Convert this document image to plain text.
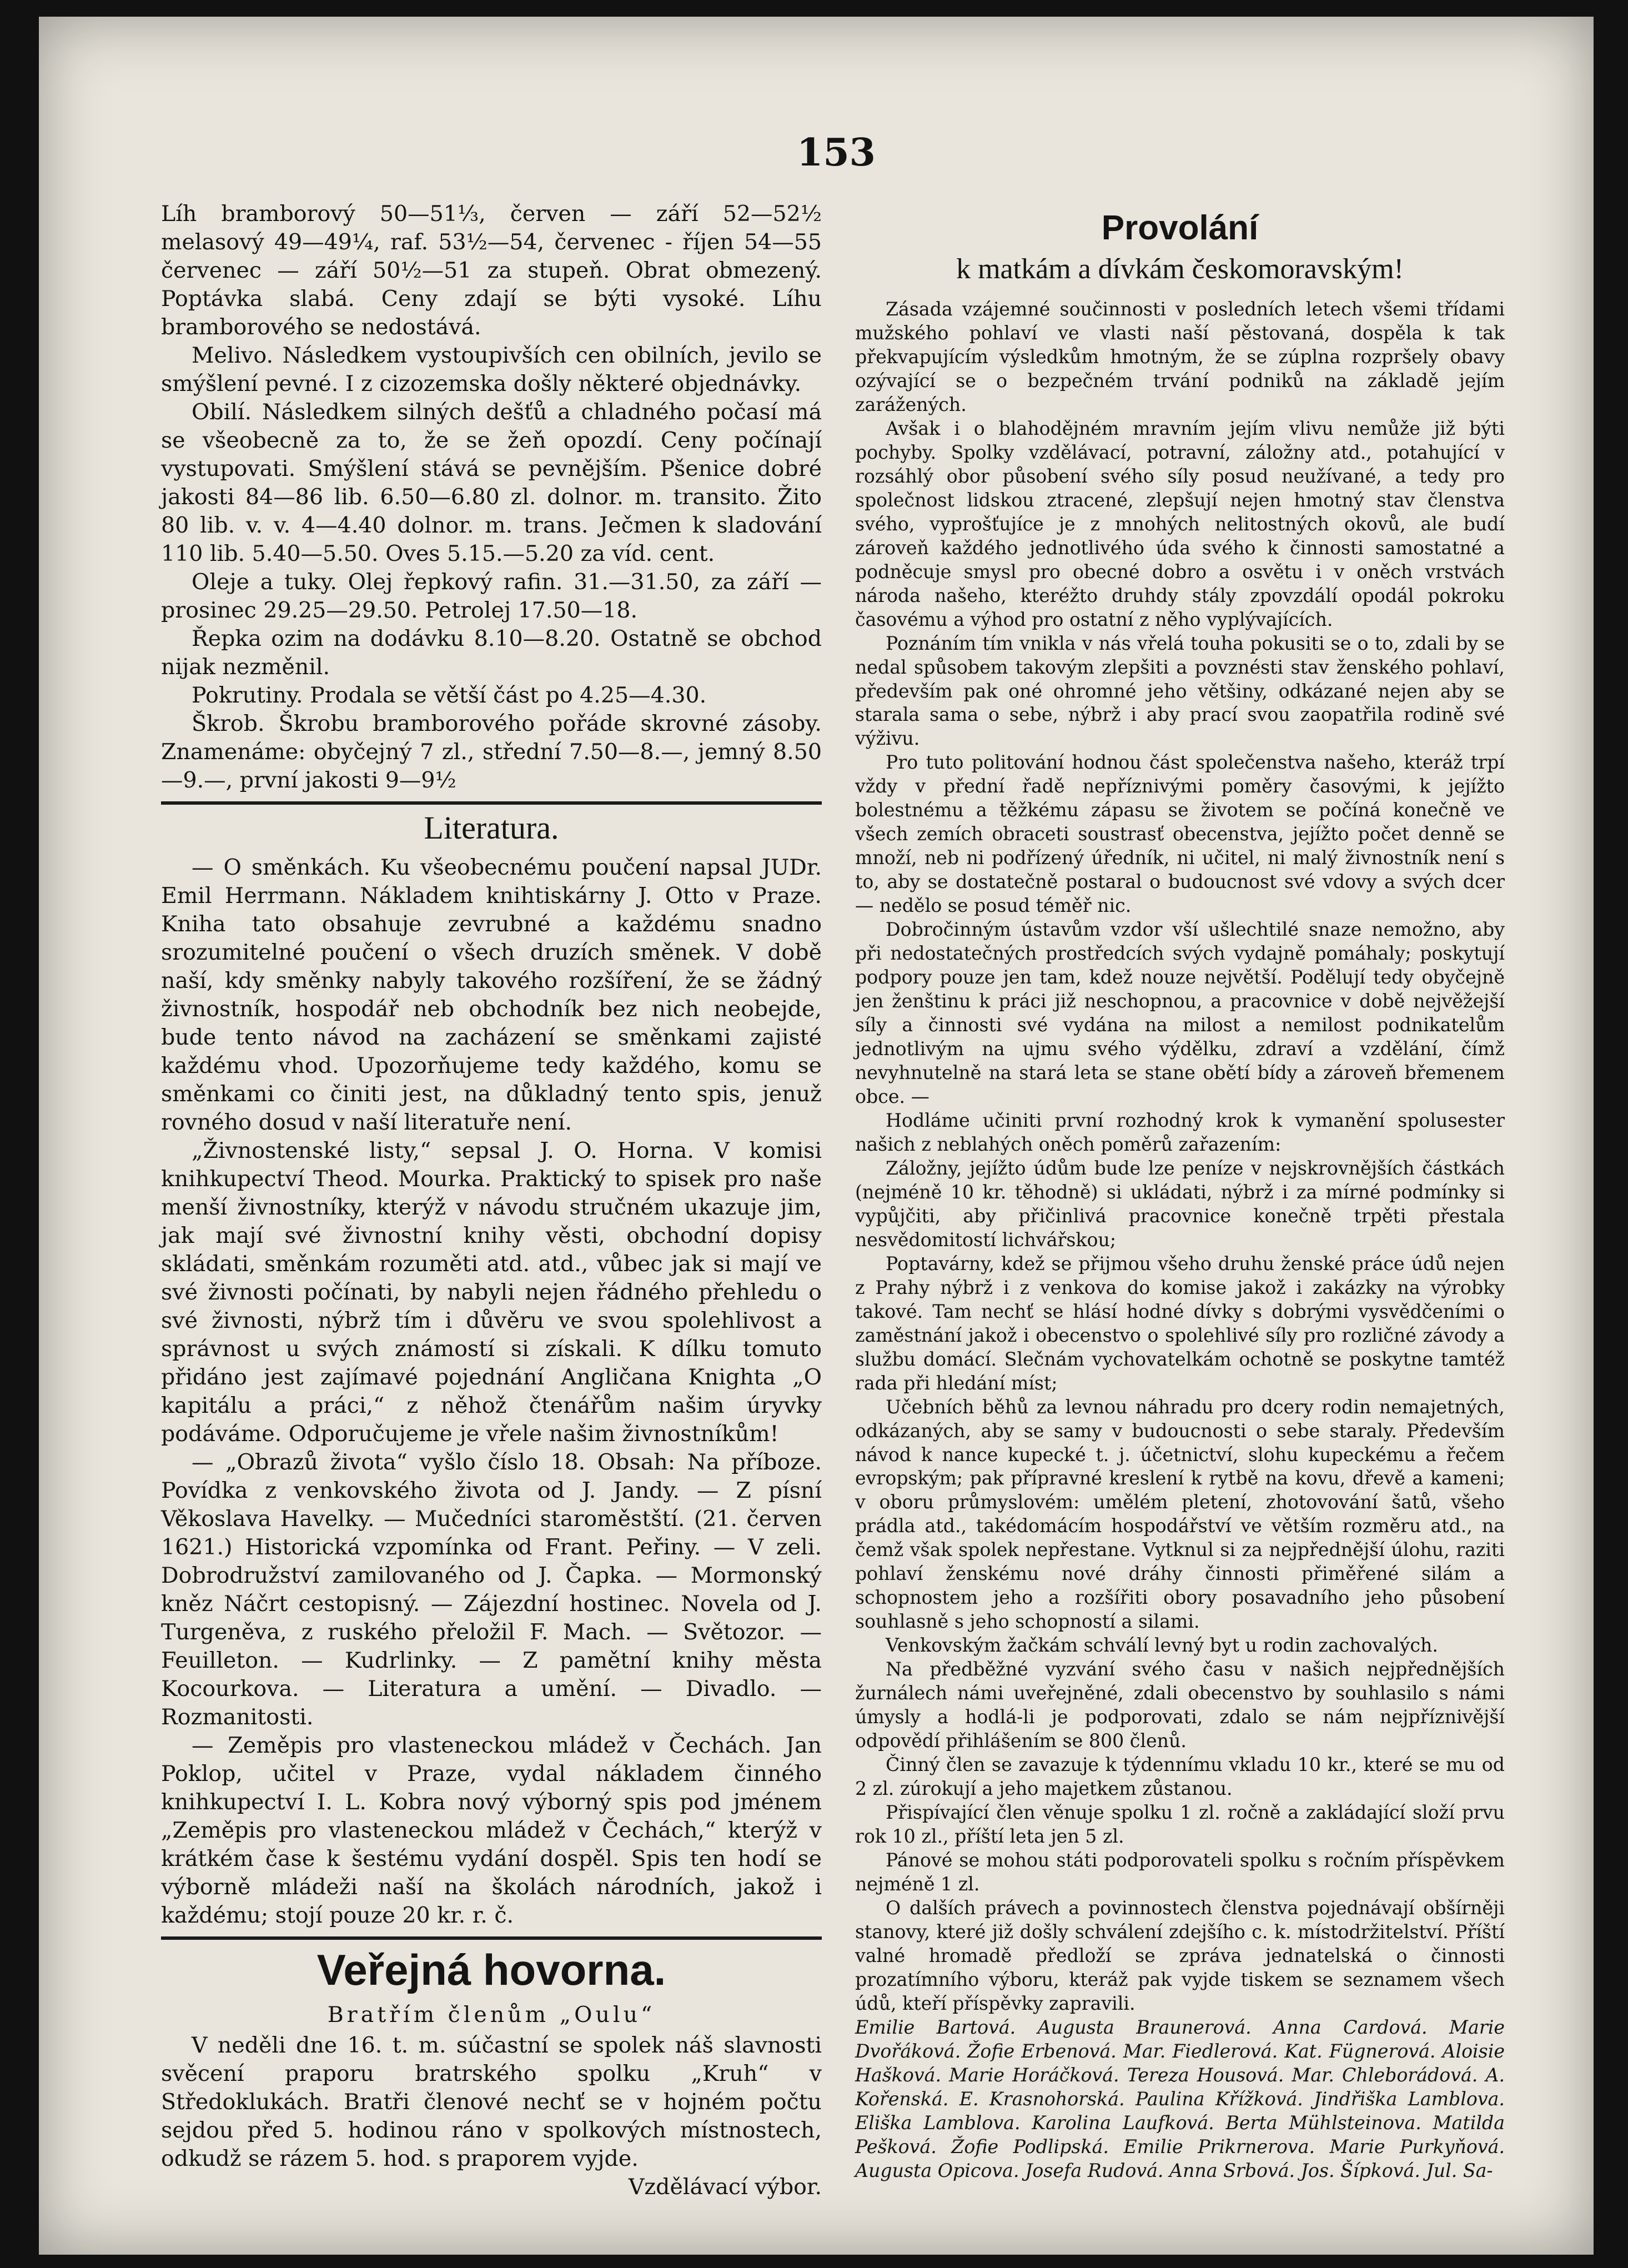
153

Líh bramborový 50—51⅓, červen — září 52—52½ melasový 49—49¼, raf. 53½—54, červenec - říjen 54—55 červenec — září 50½—51 za stupeň. Obrat obmezený. Poptávka slabá. Ceny zdají se býti vysoké. Líhu bramborového se nedostává.

Melivo. Následkem vystoupivších cen obilních, jevilo se smýšlení pevné. I z cizozemska došly některé objednávky.

Obilí. Následkem silných dešťů a chladného počasí má se všeobecně za to, že se žeň opozdí. Ceny počínají vystupovati. Smýšlení stává se pevnějším. Pšenice dobré jakosti 84—86 lib. 6.50—6.80 zl. dolnor. m. transito. Žito 80 lib. v. v. 4—4.40 dolnor. m. trans. Ječmen k sladování 110 lib. 5.40—5.50. Oves 5.15.—5.20 za víd. cent.

Oleje a tuky. Olej řepkový rafin. 31.—31.50, za září — prosinec 29.25—29.50. Petrolej 17.50—18.

Řepka ozim na dodávku 8.10—8.20. Ostatně se obchod nijak nezměnil.

Pokrutiny. Prodala se větší část po 4.25—4.30.

Škrob. Škrobu bramborového pořáde skrovné zásoby. Znamenáme: obyčejný 7 zl., střední 7.50—8.—, jemný 8.50—9.—, první jakosti 9—9½

Literatura.

— O směnkách. Ku všeobecnému poučení napsal JUDr. Emil Herrmann. Nákladem knihtiskárny J. Otto v Praze. Kniha tato obsahuje zevrubné a každému snadno srozumitelné poučení o všech druzích směnek. V době naší, kdy směnky nabyly takového rozšíření, že se žádný živnostník, hospodář neb obchodník bez nich neobejde, bude tento návod na zacházení se směnkami zajisté každému vhod. Upozorňujeme tedy každého, komu se směnkami co činiti jest, na důkladný tento spis, jenuž rovného dosud v naší literatuře není.

„Živnostenské listy,“ sepsal J. O. Horna. V komisi knihkupectví Theod. Mourka. Praktický to spisek pro naše menší živnostníky, kterýž v návodu stručném ukazuje jim, jak mají své živnostní knihy věsti, obchodní dopisy skládati, směnkám rozuměti atd. atd., vůbec jak si mají ve své živnosti počínati, by nabyli nejen řádného přehledu o své živnosti, nýbrž tím i důvěru ve svou spolehlivost a správnost u svých známostí si získali. K dílku tomuto přidáno jest zajímavé pojednání Angličana Knighta „O kapitálu a práci,“ z něhož čtenářům našim úryvky podáváme. Odporučujeme je vřele našim živnostníkům!

— „Obrazů života“ vyšlo číslo 18. Obsah: Na příboze. Povídka z venkovského života od J. Jandy. — Z písní Věkoslava Havelky. — Mučedníci staroměstští. (21. červen 1621.) Historická vzpomínka od Frant. Peřiny. — V zeli. Dobrodružství zamilovaného od J. Čapka. — Mormonský kněz Náčrt cestopisný. — Zájezdní hostinec. Novela od J. Turgeněva, z ruského přeložil F. Mach. — Světozor. — Feuilleton. — Kudrlinky. — Z pamětní knihy města Kocourkova. — Literatura a umění. — Divadlo. — Rozmanitosti.

— Zeměpis pro vlasteneckou mládež v Čechách. Jan Poklop, učitel v Praze, vydal nákladem činného knihkupectví I. L. Kobra nový výborný spis pod jménem „Zeměpis pro vlasteneckou mládež v Čechách,“ kterýž v krátkém čase k šestému vydání dospěl. Spis ten hodí se výborně mládeži naší na školách národních, jakož i každému; stojí pouze 20 kr. r. č.

Veřejná hovorna.
Bratřím členům „Oulu“

V neděli dne 16. t. m. súčastní se spolek náš slavnosti svěcení praporu bratrského spolku „Kruh“ v Středoklukách. Bratři členové nechť se v hojném počtu sejdou před 5. hodinou ráno v spolkových místnostech, odkudž se rázem 5. hod. s praporem vyjde.

Vzdělávací výbor.
Provolání
k matkám a dívkám českomoravským!

Zásada vzájemné součinnosti v posledních letech všemi třídami mužského pohlaví ve vlasti naší pěstovaná, dospěla k tak překvapujícím výsledkům hmotným, že se zúplna rozpršely obavy ozývající se o bezpečném trvání podniků na základě jejím zarážených.

Avšak i o blahodějném mravním jejím vlivu nemůže již býti pochyby. Spolky vzdělávací, potravní, záložny atd., potahující v rozsáhlý obor působení svého síly posud neužívané, a tedy pro společnost lidskou ztracené, zlepšují nejen hmotný stav členstva svého, vyprošťujíce je z mnohých nelitostných okovů, ale budí zároveň každého jednotlivého úda svého k činnosti samostatné a podněcuje smysl pro obecné dobro a osvětu i v oněch vrstvách národa našeho, kteréžto druhdy stály zpovzdálí opodál pokroku časovému a výhod pro ostatní z něho vyplývajících.

Poznáním tím vnikla v nás vřelá touha pokusiti se o to, zdali by se nedal spůsobem takovým zlepšiti a povznésti stav ženského pohlaví, především pak oné ohromné jeho většiny, odkázané nejen aby se starala sama o sebe, nýbrž i aby prací svou zaopatřila rodině své výživu.

Pro tuto politování hodnou část společenstva našeho, kteráž trpí vždy v přední řadě nepříznivými poměry časovými, k jejížto bolestnému a těžkému zápasu se životem se počíná konečně ve všech zemích obraceti soustrasť obecenstva, jejížto počet denně se množí, neb ni podřízený úředník, ni učitel, ni malý živnostník není s to, aby se dostatečně postaral o budoucnost své vdovy a svých dcer — nedělo se posud téměř nic.

Dobročinným ústavům vzdor vší ušlechtilé snaze nemožno, aby při nedostatečných prostředcích svých vydajně pomáhaly; poskytují podpory pouze jen tam, kdež nouze největší. Podělují tedy obyčejně jen ženštinu k práci již neschopnou, a pracovnice v době nejvěžejší síly a činnosti své vydána na milost a nemilost podnikatelům jednotlivým na ujmu svého výdělku, zdraví a vzdělání, čímž nevyhnutelně na stará leta se stane obětí bídy a zároveň břemenem obce. —

Hodláme učiniti první rozhodný krok k vymanění spolusester našich z neblahých oněch poměrů zařazením:

Záložny, jejížto údům bude lze peníze v nejskrovnějších částkách (nejméně 10 kr. těhodně) si ukládati, nýbrž i za mírné podmínky si vypůjčiti, aby přičinlivá pracovnice konečně trpěti přestala nesvědomitostí lichvářskou;

Poptavárny, kdež se přijmou všeho druhu ženské práce údů nejen z Prahy nýbrž i z venkova do komise jakož i zakázky na výrobky takové. Tam nechť se hlásí hodné dívky s dobrými vysvědčeními o zaměstnání jakož i obecenstvo o spolehlivé síly pro rozličné závody a službu domácí. Slečnám vychovatelkám ochotně se poskytne tamtéž rada při hledání míst;

Učebních běhů za levnou náhradu pro dcery rodin nemajetných, odkázaných, aby se samy v budoucnosti o sebe staraly. Především návod k nance kupecké t. j. účetnictví, slohu kupeckému a řečem evropským; pak přípravné kreslení k rytbě na kovu, dřevě a kameni; v oboru průmyslovém: umělém pletení, zhotovování šatů, všeho prádla atd., takédomácím hospodářství ve větším rozměru atd., na čemž však spolek nepřestane. Vytknul si za nejpřednější úlohu, raziti pohlaví ženskému nové dráhy činnosti přiměřené silám a schopnostem jeho a rozšířiti obory posavadního jeho působení souhlasně s jeho schopností a silami.

Venkovským žačkám schválí levný byt u rodin zachovalých.

Na předběžné vyzvání svého času v našich nejpřednějších žurnálech námi uveřejněné, zdali obecenstvo by souhlasilo s námi úmysly a hodlá-li je podporovati, zdalo se nám nejpříznivější odpovědí přihlášením se 800 členů.

Činný člen se zavazuje k týdennímu vkladu 10 kr., které se mu od 2 zl. zúrokují a jeho majetkem zůstanou.

Přispívající člen věnuje spolku 1 zl. ročně a zakládající složí prvu rok 10 zl., příští leta jen 5 zl.

Pánové se mohou státi podporovateli spolku s ročním příspěvkem nejméně 1 zl.

O dalších právech a povinnostech členstva pojednávají obšírněji stanovy, které již došly schválení zdejšího c. k. místodržitelství. Příští valné hromadě předloží se zpráva jednatelská o činnosti prozatímního výboru, kteráž pak vyjde tiskem se seznamem všech údů, kteří příspěvky zapravili.

Emilie Bartová. Augusta Braunerová. Anna Cardová. Marie Dvořáková. Žofie Erbenová. Mar. Fiedlerová. Kat. Fügnerová. Aloisie Hašková. Marie Horáčková. Tereza Housová. Mar. Chleborádová. A. Kořenská. E. Krasnohorská. Paulina Křížková. Jindřiška Lamblova. Eliška Lamblova. Karolina Laufková. Berta Mühlsteinova. Matilda Pešková. Žofie Podlipská. Emilie Prikrnerova. Marie Purkyňová. Augusta Opicova. Josefa Rudová. Anna Srbová. Jos. Šípková. Jul. Sa-
